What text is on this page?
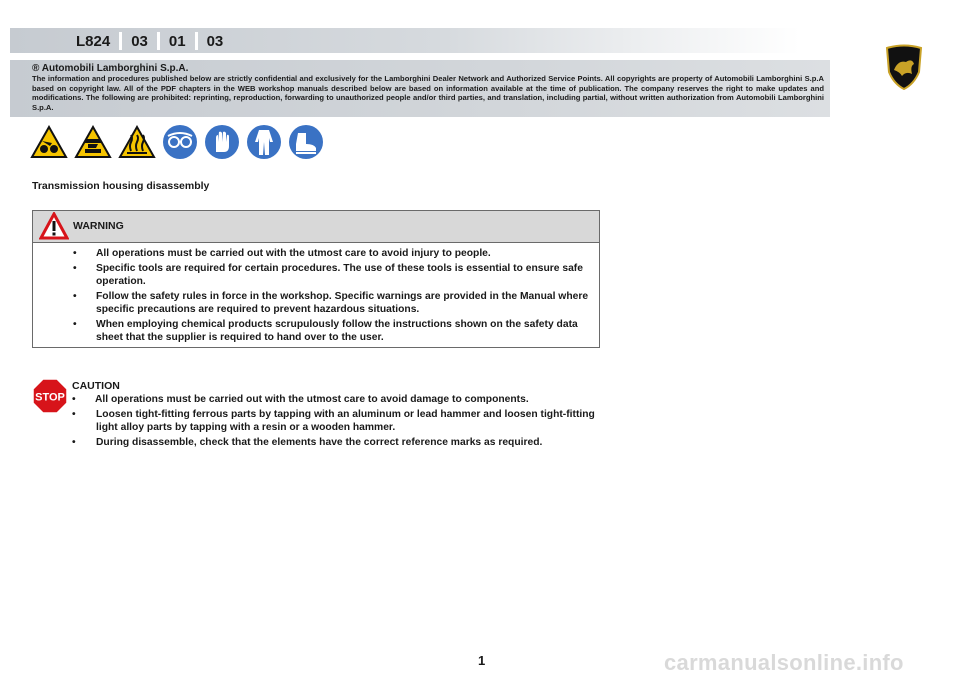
L824	03	01	03
® Automobili Lamborghini S.p.A.
The information and procedures published below are strictly confidential and exclusively for the Lamborghini Dealer Network and Authorized Service Points. All copyrights are property of Automobili Lamborghini S.p.A based on copyright law. All of the PDF chapters in the WEB workshop manuals described below are based on information available at the time of publication. The company reserves the right to make updates and modifications. The following are prohibited: reprinting, reproduction, forwarding to unauthorized people and/or third parties, and translation, including partial, without written authorization from Automobili Lamborghini S.p.A.
Transmission housing disassembly
WARNING
• All operations must be carried out with the utmost care to avoid injury to people.
• Specific tools are required for certain procedures. The use of these tools is essential to ensure safe operation.
• Follow the safety rules in force in the workshop. Specific warnings are provided in the Manual where specific precautions are required to prevent hazardous situations.
• When employing chemical products scrupulously follow the instructions shown on the safety data sheet that the supplier is required to hand over to the user.
STOP
CAUTION
• All operations must be carried out with the utmost care to avoid damage to components.
• Loosen tight-fitting ferrous parts by tapping with an aluminum or lead hammer and loosen tight-fitting light alloy parts by tapping with a resin or a wooden hammer.
• During disassemble, check that the elements have the correct reference marks as required.
1	carmanualsonline.info
